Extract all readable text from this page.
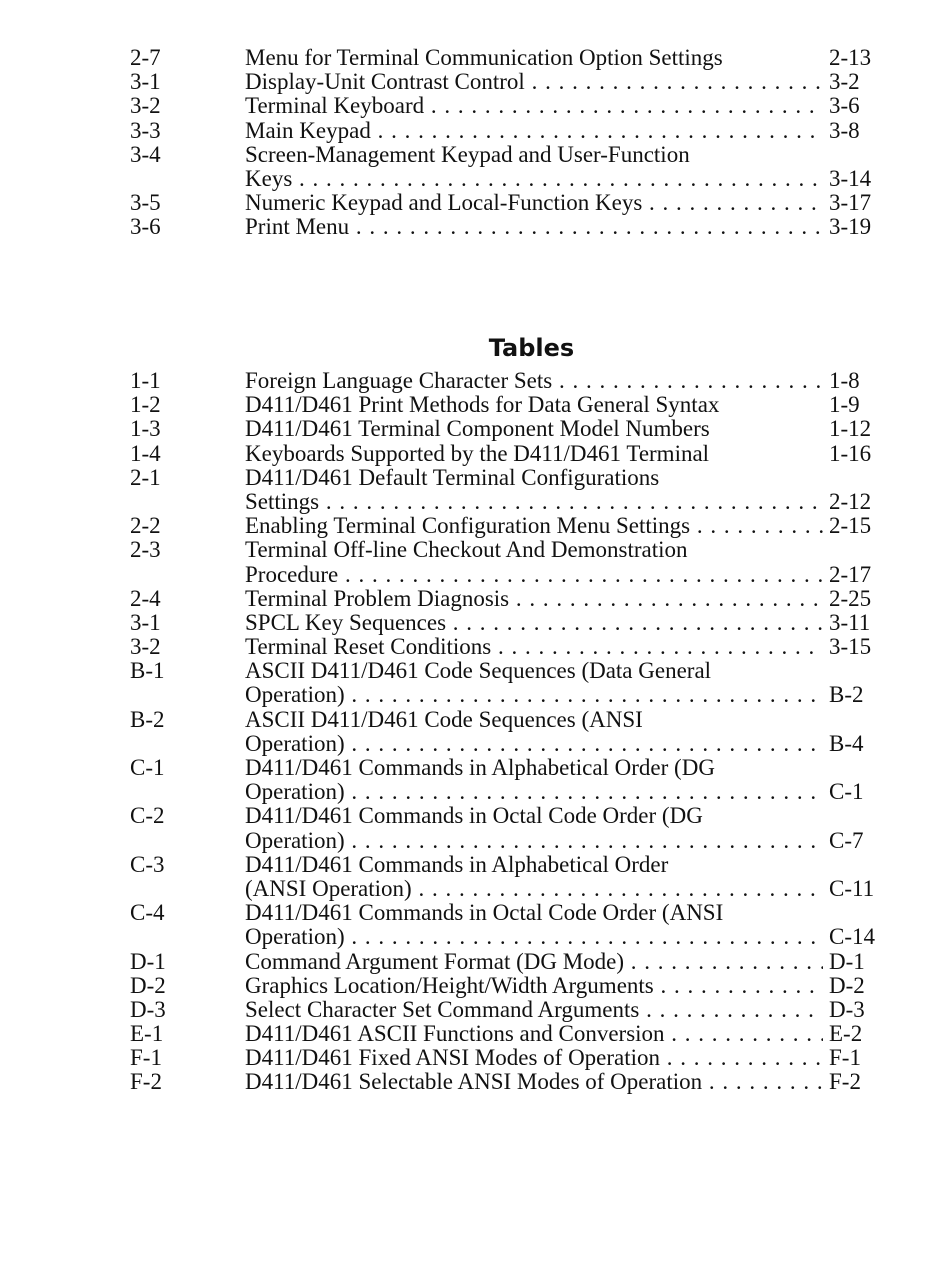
2-7	Menu for Terminal Communication Option Settings	2-13
3-1	Display-Unit Contrast Control . . .	3-2
3-2	Terminal Keyboard . . .	3-6
3-3	Main Keypad . . .	3-8
3-4	Screen-Management Keypad and User-Function
Keys . . .	3-14
3-5	Numeric Keypad and Local-Function Keys . . .	3-17
3-6	Print Menu . . .	3-19
Tables
1-1	Foreign Language Character Sets . . .	1-8
1-2	D411/D461 Print Methods for Data General Syntax	1-9
1-3	D411/D461 Terminal Component Model Numbers	1-12
1-4	Keyboards Supported by the D411/D461 Terminal	1-16
2-1	D411/D461 Default Terminal Configurations
Settings . . .	2-12
2-2	Enabling Terminal Configuration Menu Settings . . .	2-15
2-3	Terminal Off-line Checkout And Demonstration
Procedure . . .	2-17
2-4	Terminal Problem Diagnosis . . .	2-25
3-1	SPCL Key Sequences . . .	3-11
3-2	Terminal Reset Conditions . . .	3-15
B-1	ASCII D411/D461 Code Sequences (Data General
Operation) . . .	B-2
B-2	ASCII D411/D461 Code Sequences (ANSI
Operation) . . .	B-4
C-1	D411/D461 Commands in Alphabetical Order (DG
Operation) . . .	C-1
C-2	D411/D461 Commands in Octal Code Order (DG
Operation) . . .	C-7
C-3	D411/D461 Commands in Alphabetical Order
(ANSI Operation) . . .	C-11
C-4	D411/D461 Commands in Octal Code Order (ANSI
Operation) . . .	C-14
D-1	Command Argument Format (DG Mode) . . .	D-1
D-2	Graphics Location/Height/Width Arguments . . .	D-2
D-3	Select Character Set Command Arguments . . .	D-3
E-1	D411/D461 ASCII Functions and Conversion . . .	E-2
F-1	D411/D461 Fixed ANSI Modes of Operation . . .	F-1
F-2	D411/D461 Selectable ANSI Modes of Operation . . .	F-2
